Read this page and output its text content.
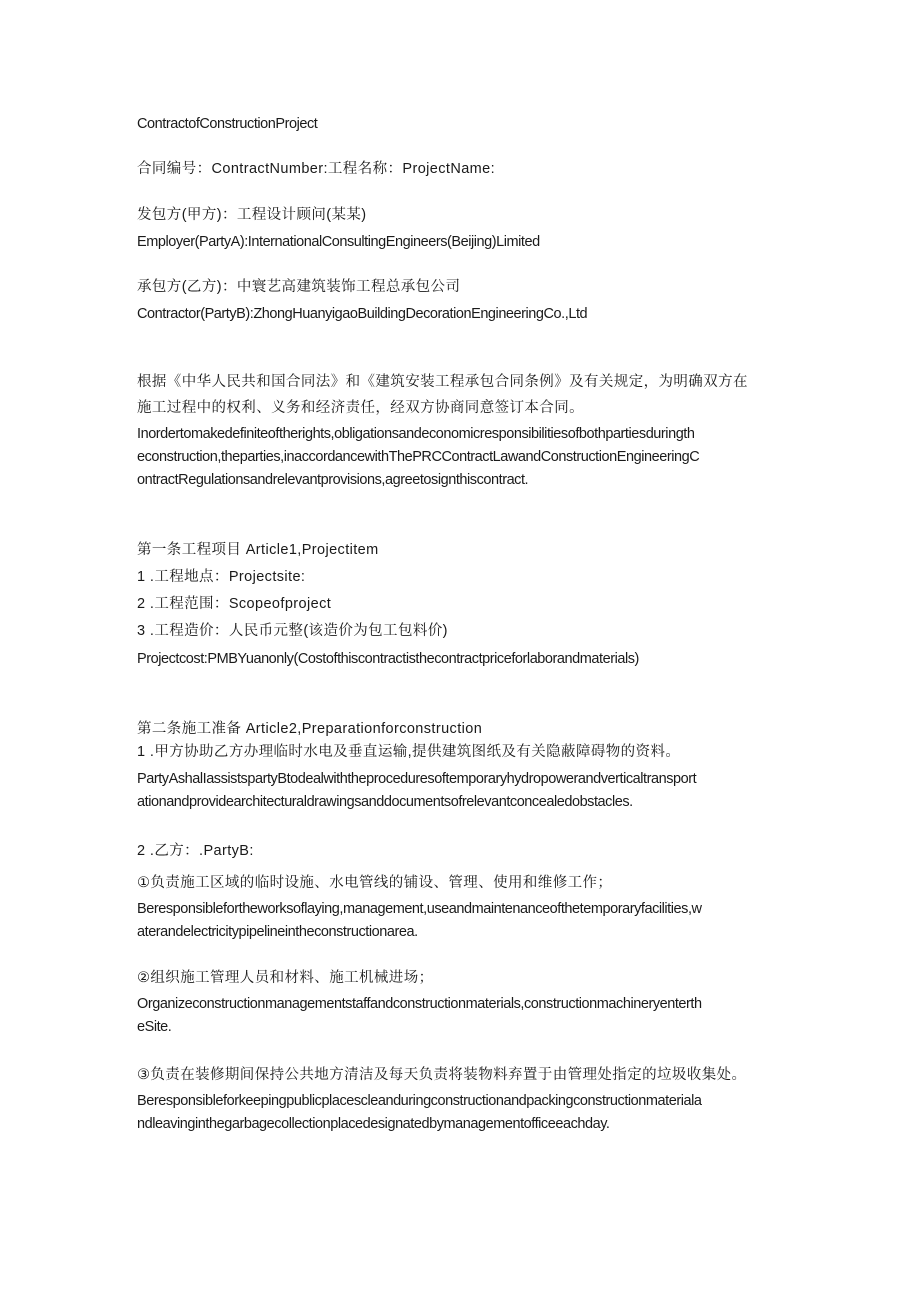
ContractofConstructionProject
合同编号：ContractNumber:工程名称：ProjectName:
发包方(甲方)：工程设计顾问(某某)
Employer(PartyA):InternationalConsultingEngineers(Beijing)Limited
承包方(乙方)：中寰艺高建筑装饰工程总承包公司
Contractor(PartyB):ZhongHuanyigaoBuildingDecorationEngineeringCo.,Ltd
根据《中华人民共和国合同法》和《建筑安装工程承包合同条例》及有关规定，为明确双方在
施工过程中的权利、义务和经济责任，经双方协商同意签订本合同。
Inordertomakedefiniteoftherights,obligationsandeconomicresponsibilitiesofbothpartiesduringth
econstruction,theparties,inaccordancewithThePRCContractLawandConstructionEngineeringC
ontractRegulationsandrelevantprovisions,agreetosignthiscontract.
第一条工程项目 Article1,Projectitem
1 .工程地点：Projectsite:
2 .工程范围：Scopeofproject
3 .工程造价：人民币元整(该造价为包工包料价)
Projectcost:PMBYuanonly(Costofthiscontractisthecontractpriceforlaborandmaterials)
第二条施工准备 Article2,Preparationforconstruction
1 .甲方协助乙方办理临时水电及垂直运输,提供建筑图纸及有关隐蔽障碍物的资料。
PartyAshalIassistspartyBtodealwiththeproceduresoftemporaryhydropowerandverticaltransport
ationandprovidearchitecturaldrawingsanddocumentsofrelevantconcealedobstacles.
2 .乙方：.PartyB:
①负责施工区域的临时设施、水电管线的铺设、管理、使用和维修工作；
Beresponsiblefortheworksoflaying,management,useandmaintenanceofthetemporaryfacilities,w
aterandelectricitypipelineintheconstructionarea.
②组织施工管理人员和材料、施工机械进场；
Organizeconstructionmanagementstaffandconstructionmaterials,constructionmachineryenterth
eSite.
③负责在装修期间保持公共地方清洁及每天负责将装物料弃置于由管理处指定的垃圾收集处。
Beresponsibleforkeepingpublicplacescleanduringconstructionandpackingconstructionmateriala
ndleavinginthegarbagecollectionplacedesignatedbymanagementofficeeachday.
